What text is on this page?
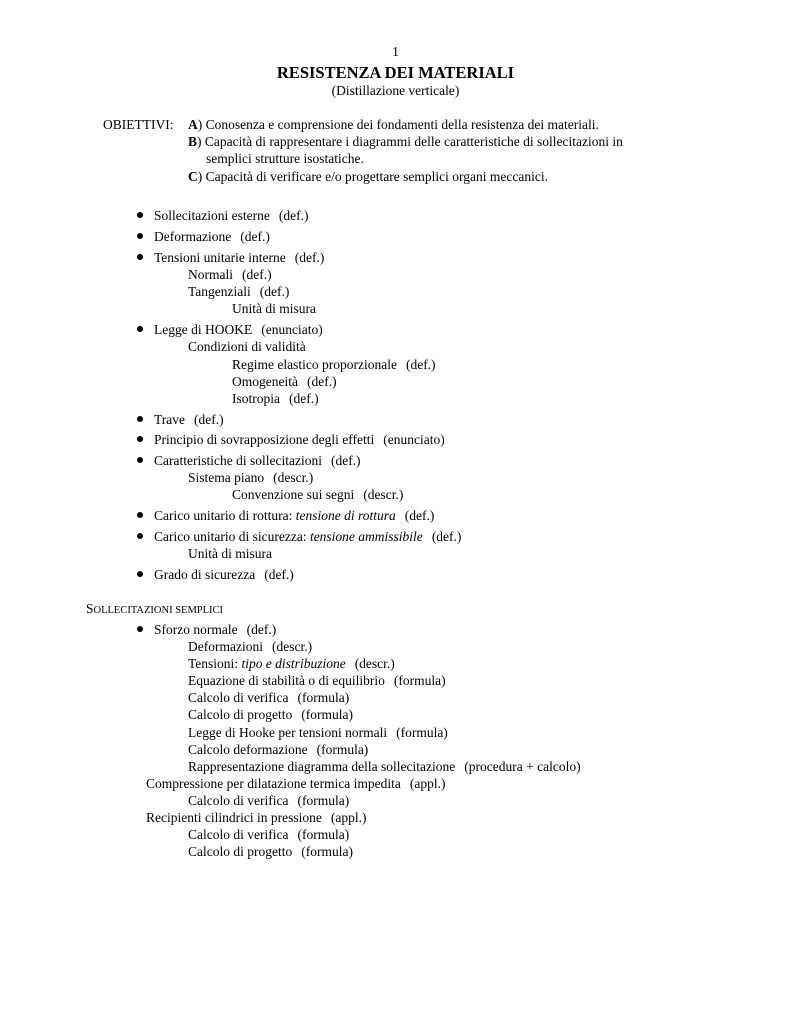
1
RESISTENZA DEI MATERIALI
(Distillazione verticale)
OBIETTIVI: A) Conosenza e comprensione dei fondamenti della resistenza dei materiali.
B) Capacità di rappresentare i diagrammi delle caratteristiche di sollecitazioni in
semplici strutture isostatiche.
C) Capacità di verificare e/o progettare semplici organi meccanici.
Sollecitazioni esterne (def.)
Deformazione (def.)
Tensioni unitarie interne (def.)
Normali (def.)
Tangenziali (def.)
Unità di misura
Legge di HOOKE (enunciato)
Condizioni di validità
Regime elastico proporzionale (def.)
Omogeneità (def.)
Isotropia (def.)
Trave (def.)
Principio di sovrapposizione degli effetti (enunciato)
Caratteristiche di sollecitazioni (def.)
Sistema piano (descr.)
Convenzione sui segni (descr.)
Carico unitario di rottura: tensione di rottura (def.)
Carico unitario di sicurezza: tensione ammissibile (def.)
Unità di misura
Grado di sicurezza (def.)
SOLLECITAZIONI SEMPLICI
Sforzo normale (def.)
Deformazioni (descr.)
Tensioni: tipo e distribuzione (descr.)
Equazione di stabilità o di equilibrio (formula)
Calcolo di verifica (formula)
Calcolo di progetto (formula)
Legge di Hooke per tensioni normali (formula)
Calcolo deformazione (formula)
Rappresentazione diagramma della sollecitazione (procedura + calcolo)
Compressione per dilatazione termica impedita (appl.)
Calcolo di verifica (formula)
Recipienti cilindrici in pressione (appl.)
Calcolo di verifica (formula)
Calcolo di progetto (formula)
